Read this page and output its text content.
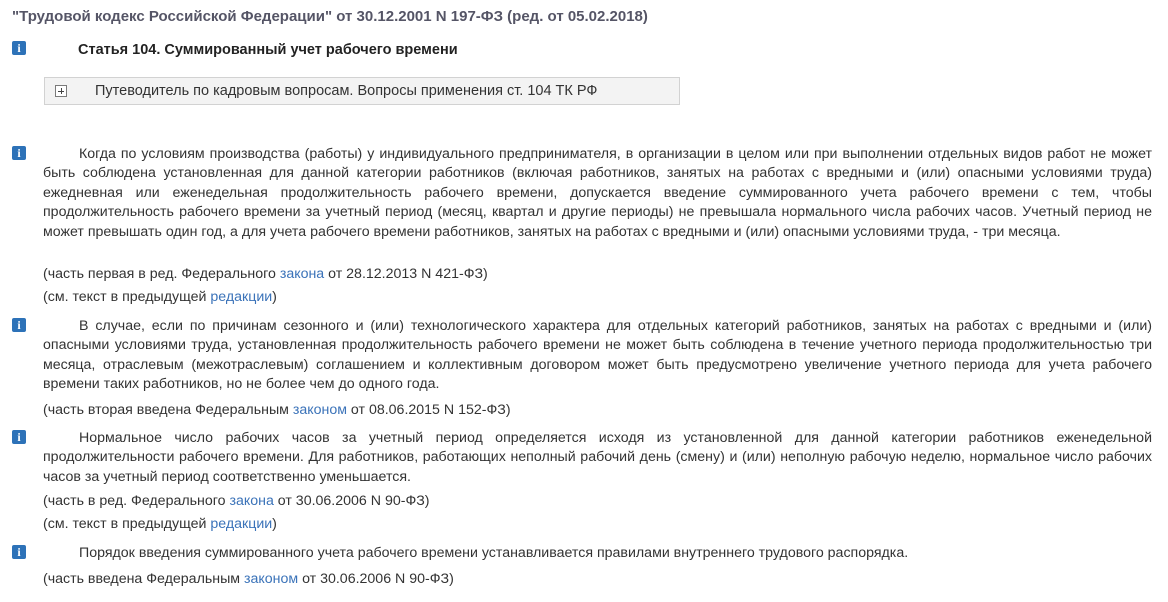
"Трудовой кодекс Российской Федерации" от 30.12.2001 N 197-ФЗ (ред. от 05.02.2018)
i	Статья 104. Суммированный учет рабочего времени
Путеводитель по кадровым вопросам. Вопросы применения ст. 104 ТК РФ
i	Когда по условиям производства (работы) у индивидуального предпринимателя, в организации в целом или при выполнении отдельных видов работ не может быть соблюдена установленная для данной категории работников (включая работников, занятых на работах с вредными и (или) опасными условиями труда) ежедневная или еженедельная продолжительность рабочего времени, допускается введение суммированного учета рабочего времени с тем, чтобы продолжительность рабочего времени за учетный период (месяц, квартал и другие периоды) не превышала нормального числа рабочих часов. Учетный период не может превышать один год, а для учета рабочего времени работников, занятых на работах с вредными и (или) опасными условиями труда, - три месяца.
(часть первая в ред. Федерального закона от 28.12.2013 N 421-ФЗ)
(см. текст в предыдущей редакции)
i	В случае, если по причинам сезонного и (или) технологического характера для отдельных категорий работников, занятых на работах с вредными и (или) опасными условиями труда, установленная продолжительность рабочего времени не может быть соблюдена в течение учетного периода продолжительностью три месяца, отраслевым (межотраслевым) соглашением и коллективным договором может быть предусмотрено увеличение учетного периода для учета рабочего времени таких работников, но не более чем до одного года.
(часть вторая введена Федеральным законом от 08.06.2015 N 152-ФЗ)
i	Нормальное число рабочих часов за учетный период определяется исходя из установленной для данной категории работников еженедельной продолжительности рабочего времени. Для работников, работающих неполный рабочий день (смену) и (или) неполную рабочую неделю, нормальное число рабочих часов за учетный период соответственно уменьшается.
(часть в ред. Федерального закона от 30.06.2006 N 90-ФЗ)
(см. текст в предыдущей редакции)
i	Порядок введения суммированного учета рабочего времени устанавливается правилами внутреннего трудового распорядка.
(часть введена Федеральным законом от 30.06.2006 N 90-ФЗ)
